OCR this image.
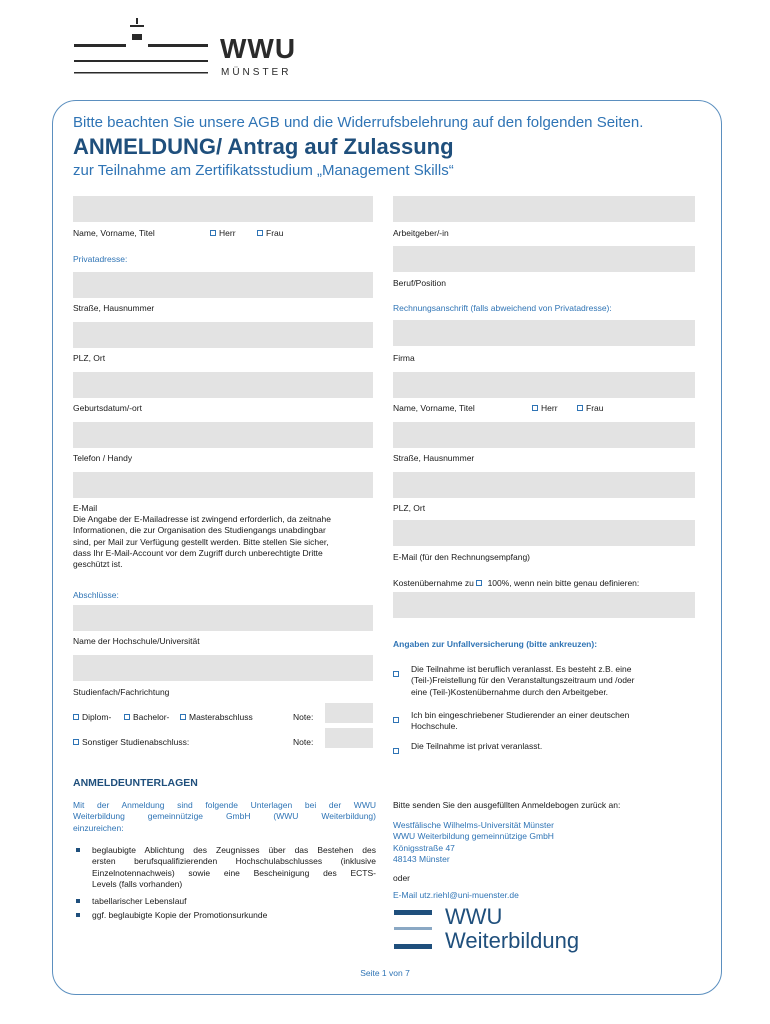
WWU
MÜNSTER
Bitte beachten Sie unsere AGB und die Widerrufsbelehrung auf den folgenden Seiten.
ANMELDUNG/ Antrag auf Zulassung
zur Teilnahme am Zertifikatsstudium „Management Skills“
Name, Vorname, Titel	Herr	Frau
Privatadresse:
Straße, Hausnummer
PLZ, Ort
Geburtsdatum/-ort
Telefon / Handy
E-Mail
Die Angabe der E-Mailadresse ist zwingend erforderlich, da zeitnahe
Informationen, die zur Organisation des Studiengangs unabdingbar
sind, per Mail zur Verfügung gestellt werden. Bitte stellen Sie sicher,
dass Ihr E-Mail-Account vor dem Zugriff durch unberechtigte Dritte
geschützt ist.
Abschlüsse:
Name der Hochschule/Universität
Studienfach/Fachrichtung
Diplom-	Bachelor-	Masterabschluss	Note:
Sonstiger Studienabschluss:	Note:
Arbeitgeber/-in
Beruf/Position
Rechnungsanschrift (falls abweichend von Privatadresse):
Firma
Name, Vorname, Titel	Herr	Frau
Straße, Hausnummer
PLZ, Ort
E-Mail (für den Rechnungsempfang)
Kostenübernahme zu 100%, wenn nein bitte genau definieren:
Angaben zur Unfallversicherung (bitte ankreuzen):
Die Teilnahme ist beruflich veranlasst. Es besteht z.B. eine
(Teil-)Freistellung für den Veranstaltungszeitraum und /oder
eine (Teil-)Kostenübernahme durch den Arbeitgeber.
Ich bin eingeschriebener Studierender an einer deutschen
Hochschule.
Die Teilnahme ist privat veranlasst.
ANMELDEUNTERLAGEN
Mit der Anmeldung sind folgende Unterlagen bei der WWU
Weiterbildung gemeinnützige GmbH (WWU Weiterbildung)
einzureichen:
beglaubigte Ablichtung des Zeugnisses über das Bestehen des
ersten berufsqualifizierenden Hochschulabschlusses (inklusive
Einzelnotennachweis) sowie eine Bescheinigung des ECTS-
Levels (falls vorhanden)
tabellarischer Lebenslauf
ggf. beglaubigte Kopie der Promotionsurkunde
Bitte senden Sie den ausgefüllten Anmeldebogen zurück an:
Westfälische Wilhelms-Universität Münster
WWU Weiterbildung gemeinnützige GmbH
Königsstraße 47
48143 Münster
oder
E-Mail utz.riehl@uni-muenster.de
WWU
Weiterbildung
Seite 1 von 7
